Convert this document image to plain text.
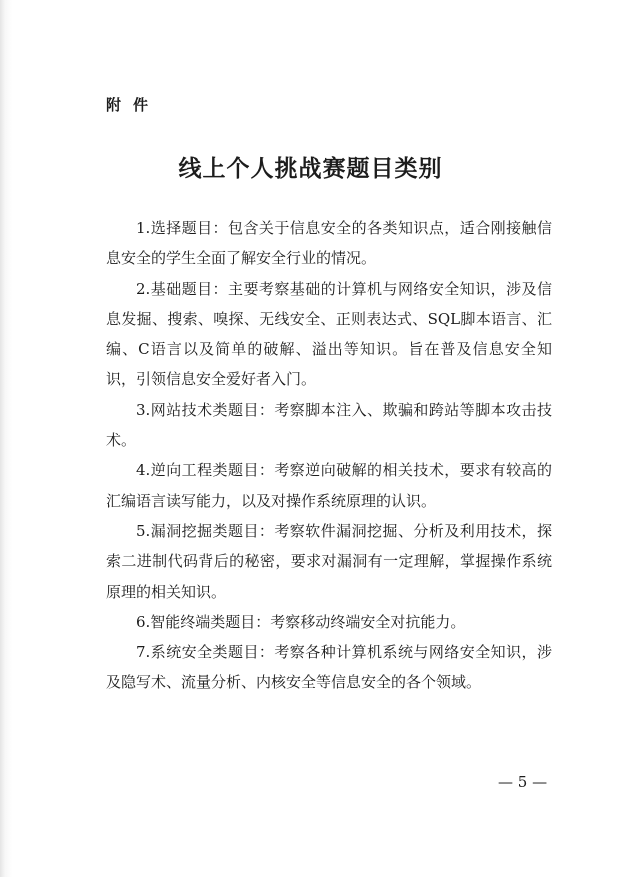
附件
线上个人挑战赛题目类别

1.选择题目：包含关于信息安全的各类知识点，适合刚接触信息安全的学生全面了解安全行业的情况。

2.基础题目：主要考察基础的计算机与网络安全知识，涉及信息发掘、搜索、嗅探、无线安全、正则表达式、SQL脚本语言、汇编、C语言以及简单的破解、溢出等知识。旨在普及信息安全知识，引领信息安全爱好者入门。

3.网站技术类题目：考察脚本注入、欺骗和跨站等脚本攻击技术。

4.逆向工程类题目：考察逆向破解的相关技术，要求有较高的汇编语言读写能力，以及对操作系统原理的认识。

5.漏洞挖掘类题目：考察软件漏洞挖掘、分析及利用技术，探索二进制代码背后的秘密，要求对漏洞有一定理解，掌握操作系统原理的相关知识。

6.智能终端类题目：考察移动终端安全对抗能力。

7.系统安全类题目：考察各种计算机系统与网络安全知识，涉及隐写术、流量分析、内核安全等信息安全的各个领域。

— 5 —
